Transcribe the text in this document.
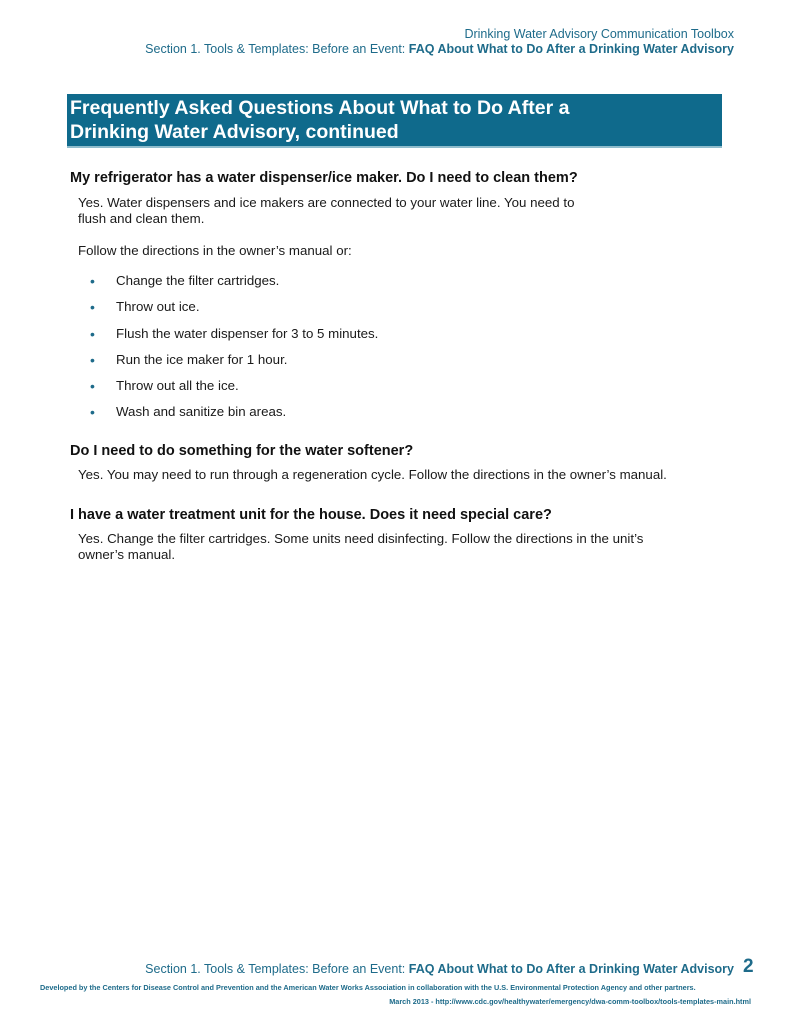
Drinking Water Advisory Communication Toolbox
Section 1. Tools & Templates: Before an Event: FAQ About What to Do After a Drinking Water Advisory
Frequently Asked Questions About What to Do After a
Drinking Water Advisory, continued
My refrigerator has a water dispenser/ice maker. Do I need to clean them?
Yes. Water dispensers and ice makers are connected to your water line. You need to
flush and clean them.
Follow the directions in the owner’s manual or:
• Change the filter cartridges.
• Throw out ice.
• Flush the water dispenser for 3 to 5 minutes.
• Run the ice maker for 1 hour.
• Throw out all the ice.
• Wash and sanitize bin areas.
Do I need to do something for the water softener?
Yes. You may need to run through a regeneration cycle. Follow the directions in the owner’s manual.
I have a water treatment unit for the house. Does it need special care?
Yes. Change the filter cartridges. Some units need disinfecting. Follow the directions in the unit’s
owner’s manual.
Section 1. Tools & Templates: Before an Event: FAQ About What to Do After a Drinking Water Advisory 2
Developed by the Centers for Disease Control and Prevention and the American Water Works Association in collaboration with the U.S. Environmental Protection Agency and other partners.
March 2013 - http://www.cdc.gov/healthywater/emergency/dwa-comm-toolbox/tools-templates-main.html
